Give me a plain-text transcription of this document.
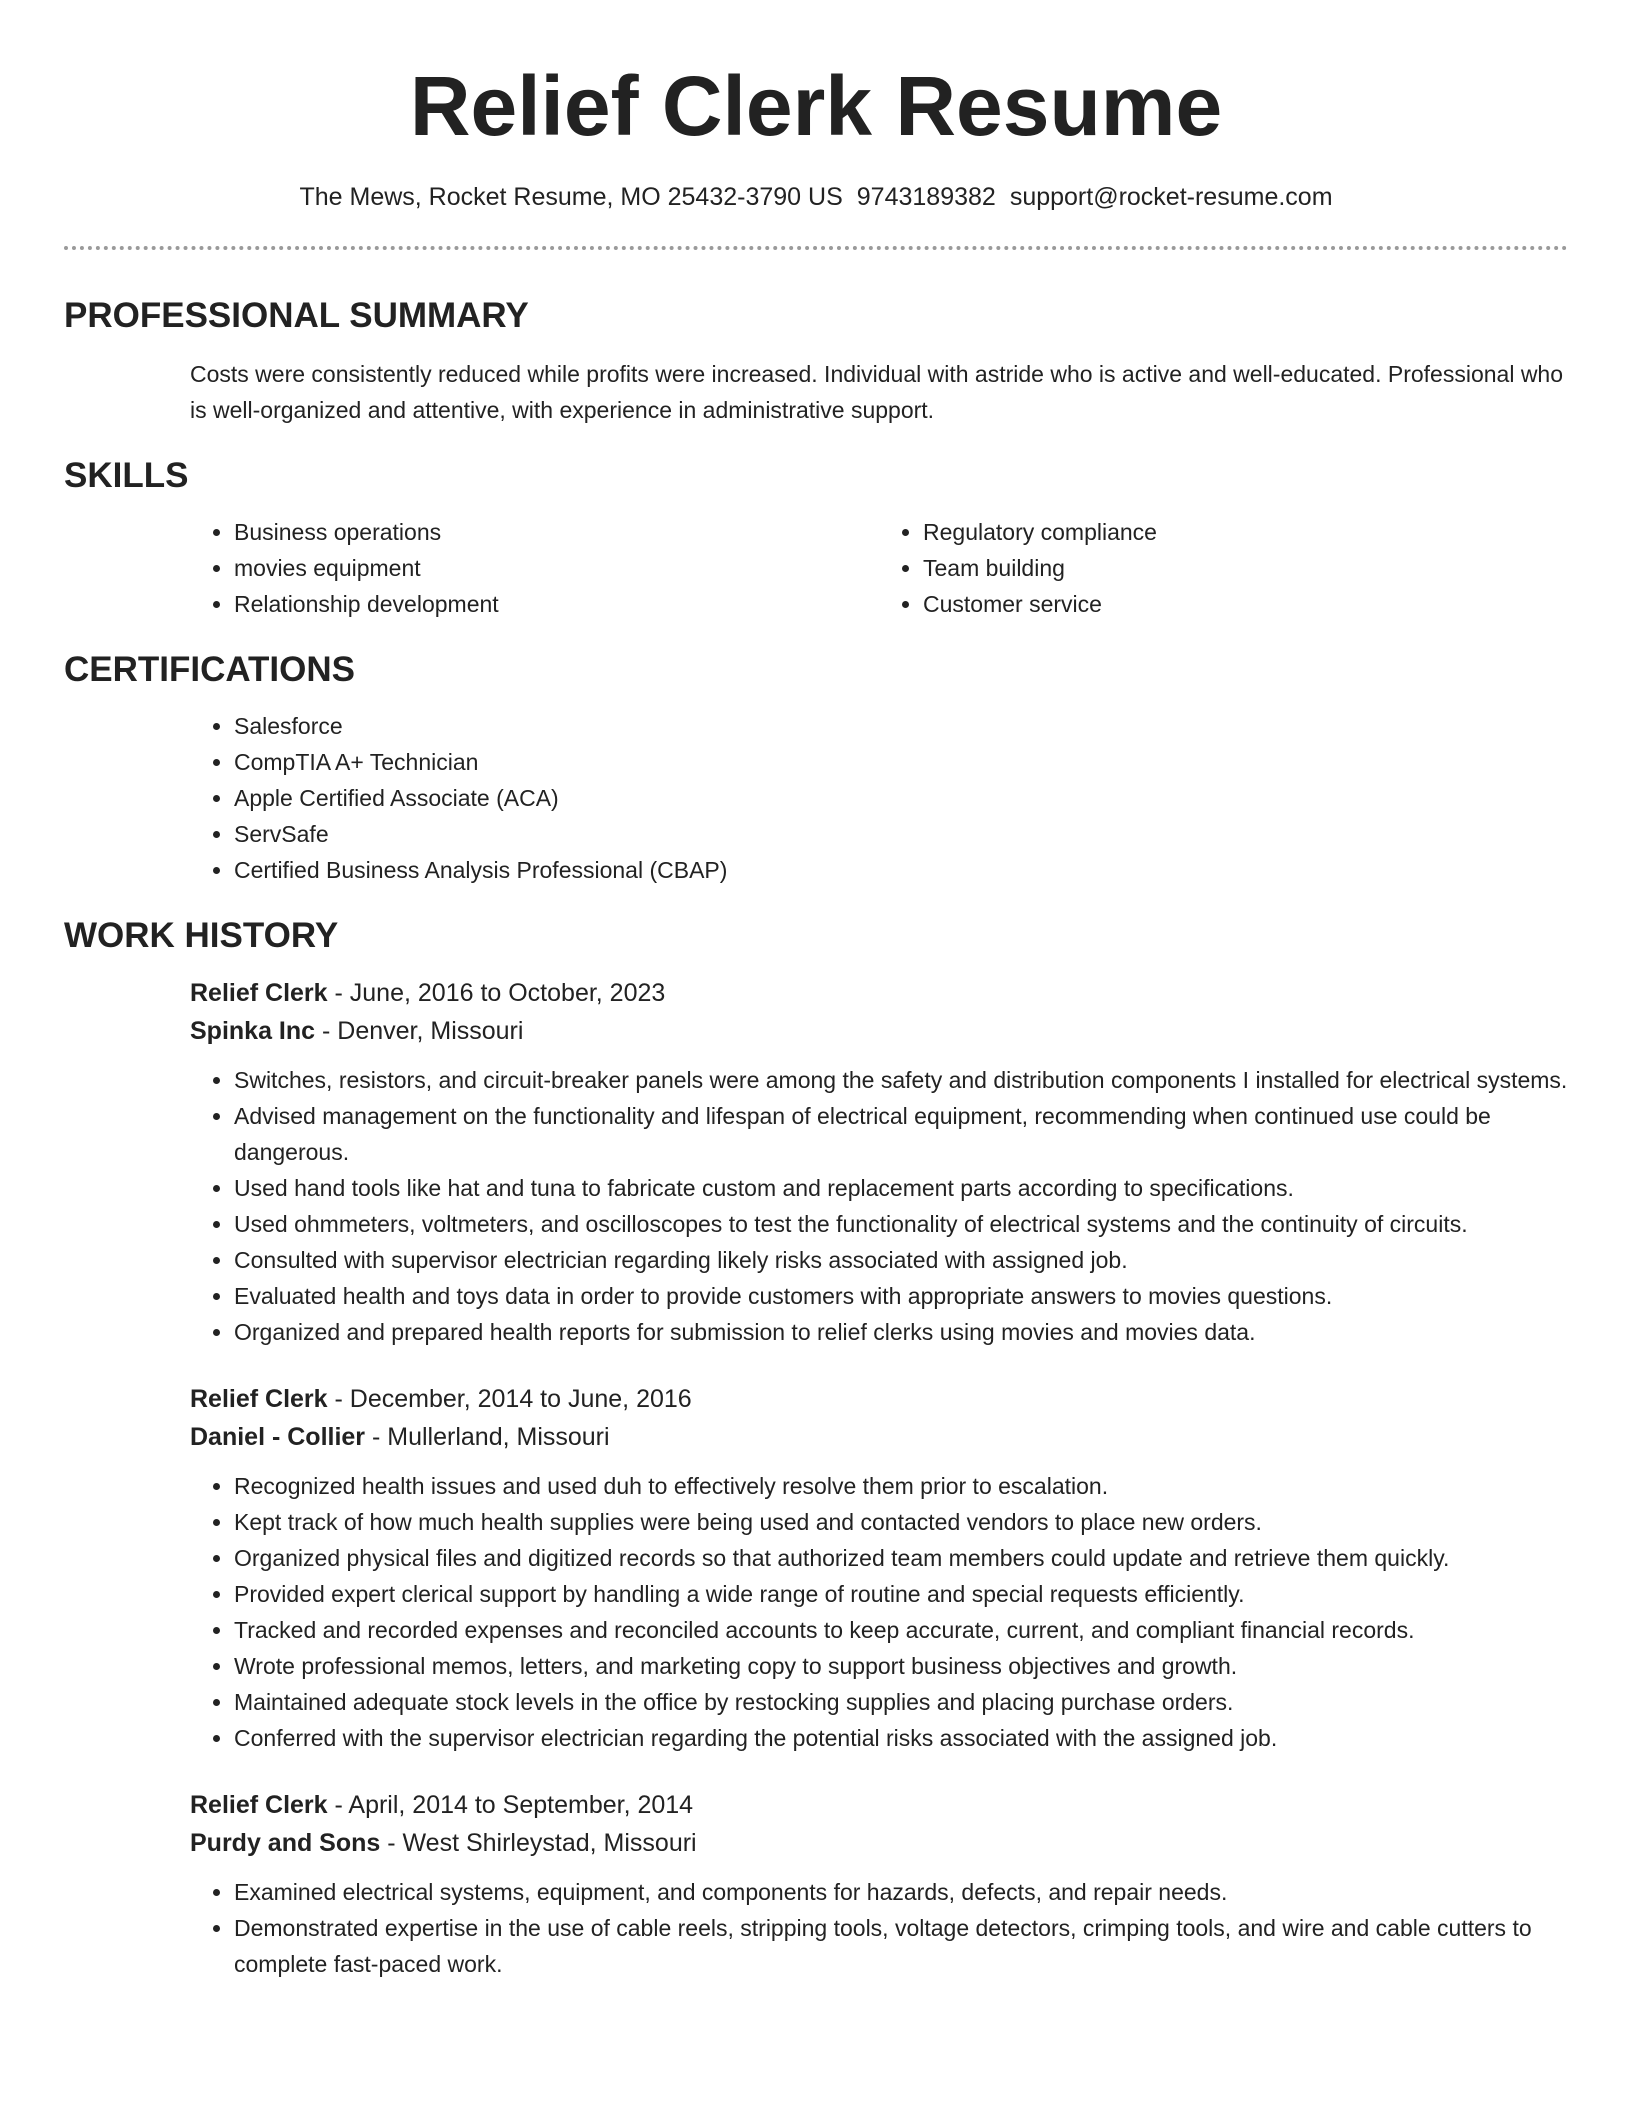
Relief Clerk Resume
The Mews, Rocket Resume, MO 25432-3790 US 9743189382 support@rocket-resume.com
PROFESSIONAL SUMMARY

Costs were consistently reduced while profits were increased. Individual with astride who is active and well-educated. Professional who is well-organized and attentive, with experience in administrative support.

SKILLS
• Business operations
• movies equipment
• Relationship development
• Regulatory compliance
• Team building
• Customer service
CERTIFICATIONS
• Salesforce
• CompTIA A+ Technician
• Apple Certified Associate (ACA)
• ServSafe
• Certified Business Analysis Professional (CBAP)
WORK HISTORY
Relief Clerk - June, 2016 to October, 2023
Spinka Inc - Denver, Missouri
• Switches, resistors, and circuit-breaker panels were among the safety and distribution components I installed for electrical systems.
• Advised management on the functionality and lifespan of electrical equipment, recommending when continued use could be dangerous.
• Used hand tools like hat and tuna to fabricate custom and replacement parts according to specifications.
• Used ohmmeters, voltmeters, and oscilloscopes to test the functionality of electrical systems and the continuity of circuits.
• Consulted with supervisor electrician regarding likely risks associated with assigned job.
• Evaluated health and toys data in order to provide customers with appropriate answers to movies questions.
• Organized and prepared health reports for submission to relief clerks using movies and movies data.
Relief Clerk - December, 2014 to June, 2016
Daniel - Collier - Mullerland, Missouri
• Recognized health issues and used duh to effectively resolve them prior to escalation.
• Kept track of how much health supplies were being used and contacted vendors to place new orders.
• Organized physical files and digitized records so that authorized team members could update and retrieve them quickly.
• Provided expert clerical support by handling a wide range of routine and special requests efficiently.
• Tracked and recorded expenses and reconciled accounts to keep accurate, current, and compliant financial records.
• Wrote professional memos, letters, and marketing copy to support business objectives and growth.
• Maintained adequate stock levels in the office by restocking supplies and placing purchase orders.
• Conferred with the supervisor electrician regarding the potential risks associated with the assigned job.
Relief Clerk - April, 2014 to September, 2014
Purdy and Sons - West Shirleystad, Missouri
• Examined electrical systems, equipment, and components for hazards, defects, and repair needs.
• Demonstrated expertise in the use of cable reels, stripping tools, voltage detectors, crimping tools, and wire and cable cutters to complete fast-paced work.
